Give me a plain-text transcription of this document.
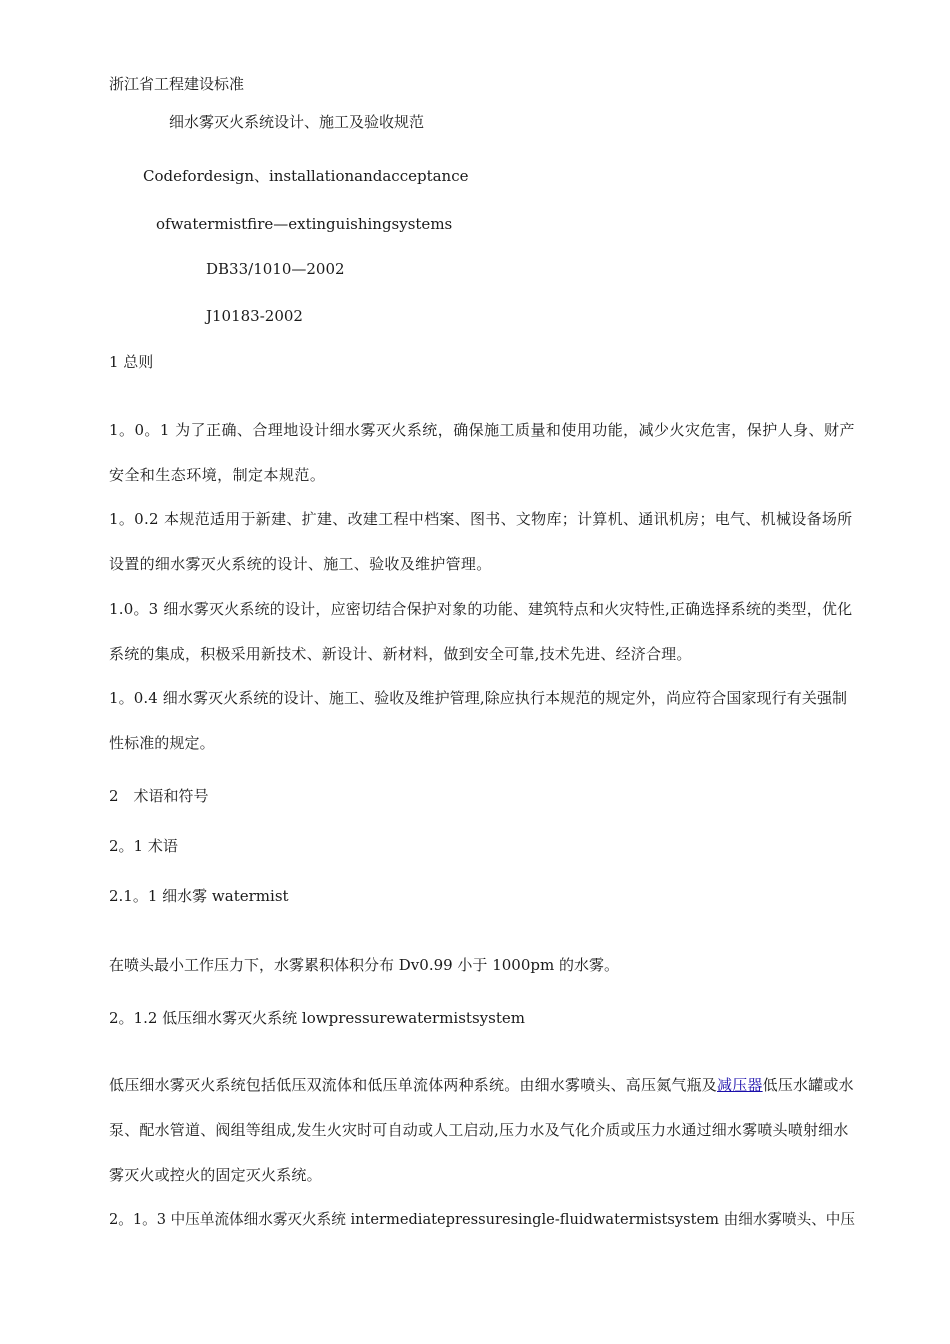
浙江省工程建设标准
细水雾灭火系统设计、施工及验收规范
Codefordesign、installationandacceptance
ofwatermistfire—extinguishingsystems
DB33/1010—2002
J10183-2002
1 总则
1。0。1 为了正确、合理地设计细水雾灭火系统，确保施工质量和使用功能，减少火灾危害，保护人身、财产安全和生态环境，制定本规范。
1。0.2 本规范适用于新建、扩建、改建工程中档案、图书、文物库；计算机、通讯机房；电气、机械设备场所设置的细水雾灭火系统的设计、施工、验收及维护管理。
1.0。3 细水雾灭火系统的设计，应密切结合保护对象的功能、建筑特点和火灾特性,正确选择系统的类型，优化系统的集成，积极采用新技术、新设计、新材料，做到安全可靠,技术先进、经济合理。
1。0.4 细水雾灭火系统的设计、施工、验收及维护管理,除应执行本规范的规定外，尚应符合国家现行有关强制性标准的规定。
2　术语和符号
2。1 术语
2.1。1 细水雾 watermist
在喷头最小工作压力下，水雾累积体积分布 Dv0.99 小于 1000pm 的水雾。
2。1.2 低压细水雾灭火系统 lowpressurewatermistsystem
低压细水雾灭火系统包括低压双流体和低压单流体两种系统。由细水雾喷头、高压氮气瓶及减压器低压水罐或水泵、配水管道、阀组等组成,发生火灾时可自动或人工启动,压力水及气化介质或压力水通过细水雾喷头喷射细水雾灭火或控火的固定灭火系统。
2。1。3 中压单流体细水雾灭火系统 intermediatepressuresingle-fluidwatermistsystem 由细水雾喷头、中压
